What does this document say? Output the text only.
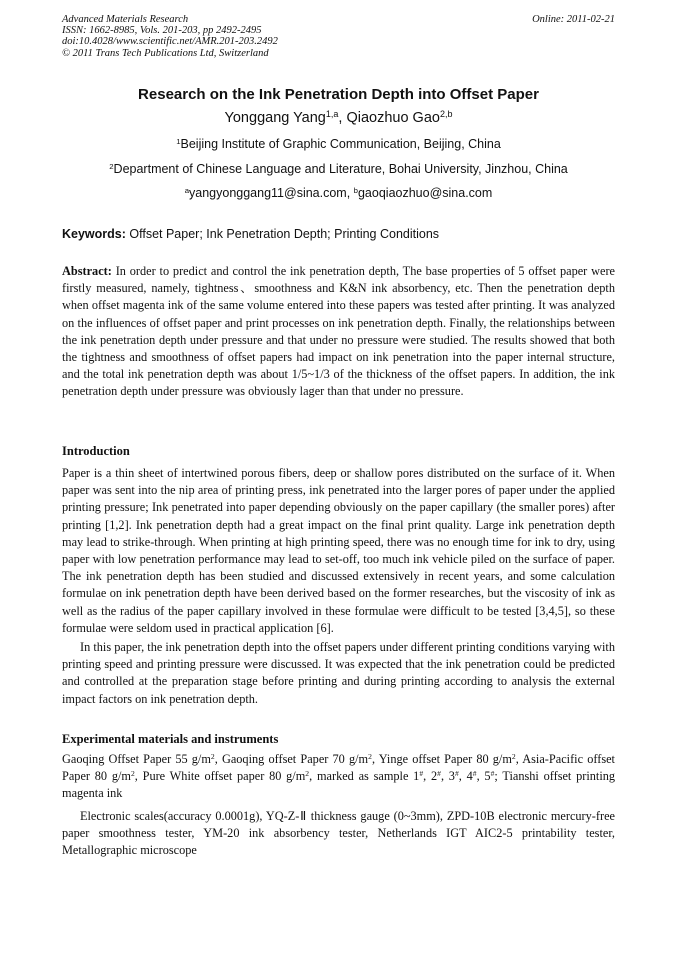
Advanced Materials Research
ISSN: 1662-8985, Vols. 201-203, pp 2492-2495
doi:10.4028/www.scientific.net/AMR.201-203.2492
© 2011 Trans Tech Publications Ltd, Switzerland
Online: 2011-02-21
Research on the Ink Penetration Depth into Offset Paper
Yonggang Yang$^{1,a}$, Qiaozhuo Gao$^{2,b}$
$^1$Beijing Institute of Graphic Communication, Beijing, China
$^2$Department of Chinese Language and Literature, Bohai University, Jinzhou, China
$^a$yangyonggang11@sina.com, $^b$gaoqiaozhuo@sina.com
Keywords: Offset Paper; Ink Penetration Depth; Printing Conditions
Abstract: In order to predict and control the ink penetration depth, The base properties of 5 offset paper were firstly measured, namely, tightness、smoothness and K&N ink absorbency, etc. Then the penetration depth when offset magenta ink of the same volume entered into these papers was tested after printing. It was analyzed on the influences of offset paper and print processes on ink penetration depth. Finally, the relationships between the ink penetration depth under pressure and that under no pressure were studied. The results showed that both the tightness and smoothness of offset papers had impact on ink penetration into the paper internal structure, and the total ink penetration depth was about 1/5~1/3 of the thickness of the offset papers. In addition, the ink penetration depth under pressure was obviously lager than that under no pressure.
Introduction
Paper is a thin sheet of intertwined porous fibers, deep or shallow pores distributed on the surface of it. When paper was sent into the nip area of printing press, ink penetrated into the larger pores of paper under the applied printing pressure; Ink penetrated into paper depending obviously on the paper capillary (the smaller pores) after printing [1,2]. Ink penetration depth had a great impact on the final print quality. Large ink penetration depth may lead to strike-through. When printing at high printing speed, there was no enough time for ink to dry, using paper with low penetration performance may lead to set-off, too much ink vehicle piled on the surface of paper. The ink penetration depth has been studied and discussed extensively in recent years, and some calculation formulae on ink penetration depth have been derived based on the former researches, but the viscosity of ink as well as the radius of the paper capillary involved in these formulae were difficult to be tested [3,4,5], so these formulae were seldom used in practical application [6].
In this paper, the ink penetration depth into the offset papers under different printing conditions varying with printing speed and printing pressure were discussed. It was expected that the ink penetration could be predicted and controlled at the preparation stage before printing and during printing according to analysis the external impact factors on ink penetration depth.
Experimental materials and instruments
Gaoqing Offset Paper 55 $g/m^2$, Gaoqing offset Paper 70 $g/m^2$, Yinge offset Paper 80 $g/m^2$, Asia-Pacific offset Paper 80 $g/m^2$, Pure White offset paper 80 $g/m^2$, marked as sample 1#, 2#, 3#, 4#, 5#; Tianshi offset printing magenta ink
Electronic scales(accuracy 0.0001g), YQ-Z-Ⅱ thickness gauge (0~3mm), ZPD-10B electronic mercury-free paper smoothness tester, YM-20 ink absorbency tester, Netherlands IGT AIC2-5 printability tester, Metallographic microscope
